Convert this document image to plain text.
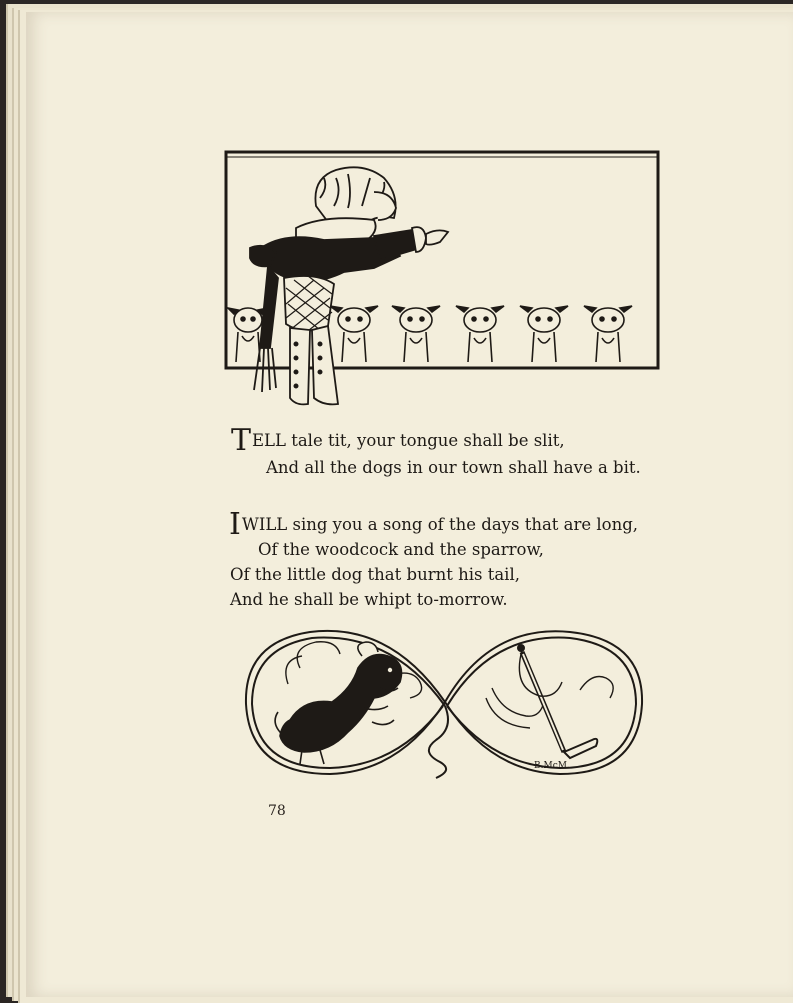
TELL tale tit, your tongue shall be slit,
And all the dogs in our town shall have a bit.
IWILL sing you a song of the days that are long,
Of the woodcock and the sparrow,
Of the little dog that burnt his tail,
And he shall be whipt to-morrow.
B.McM.
78
